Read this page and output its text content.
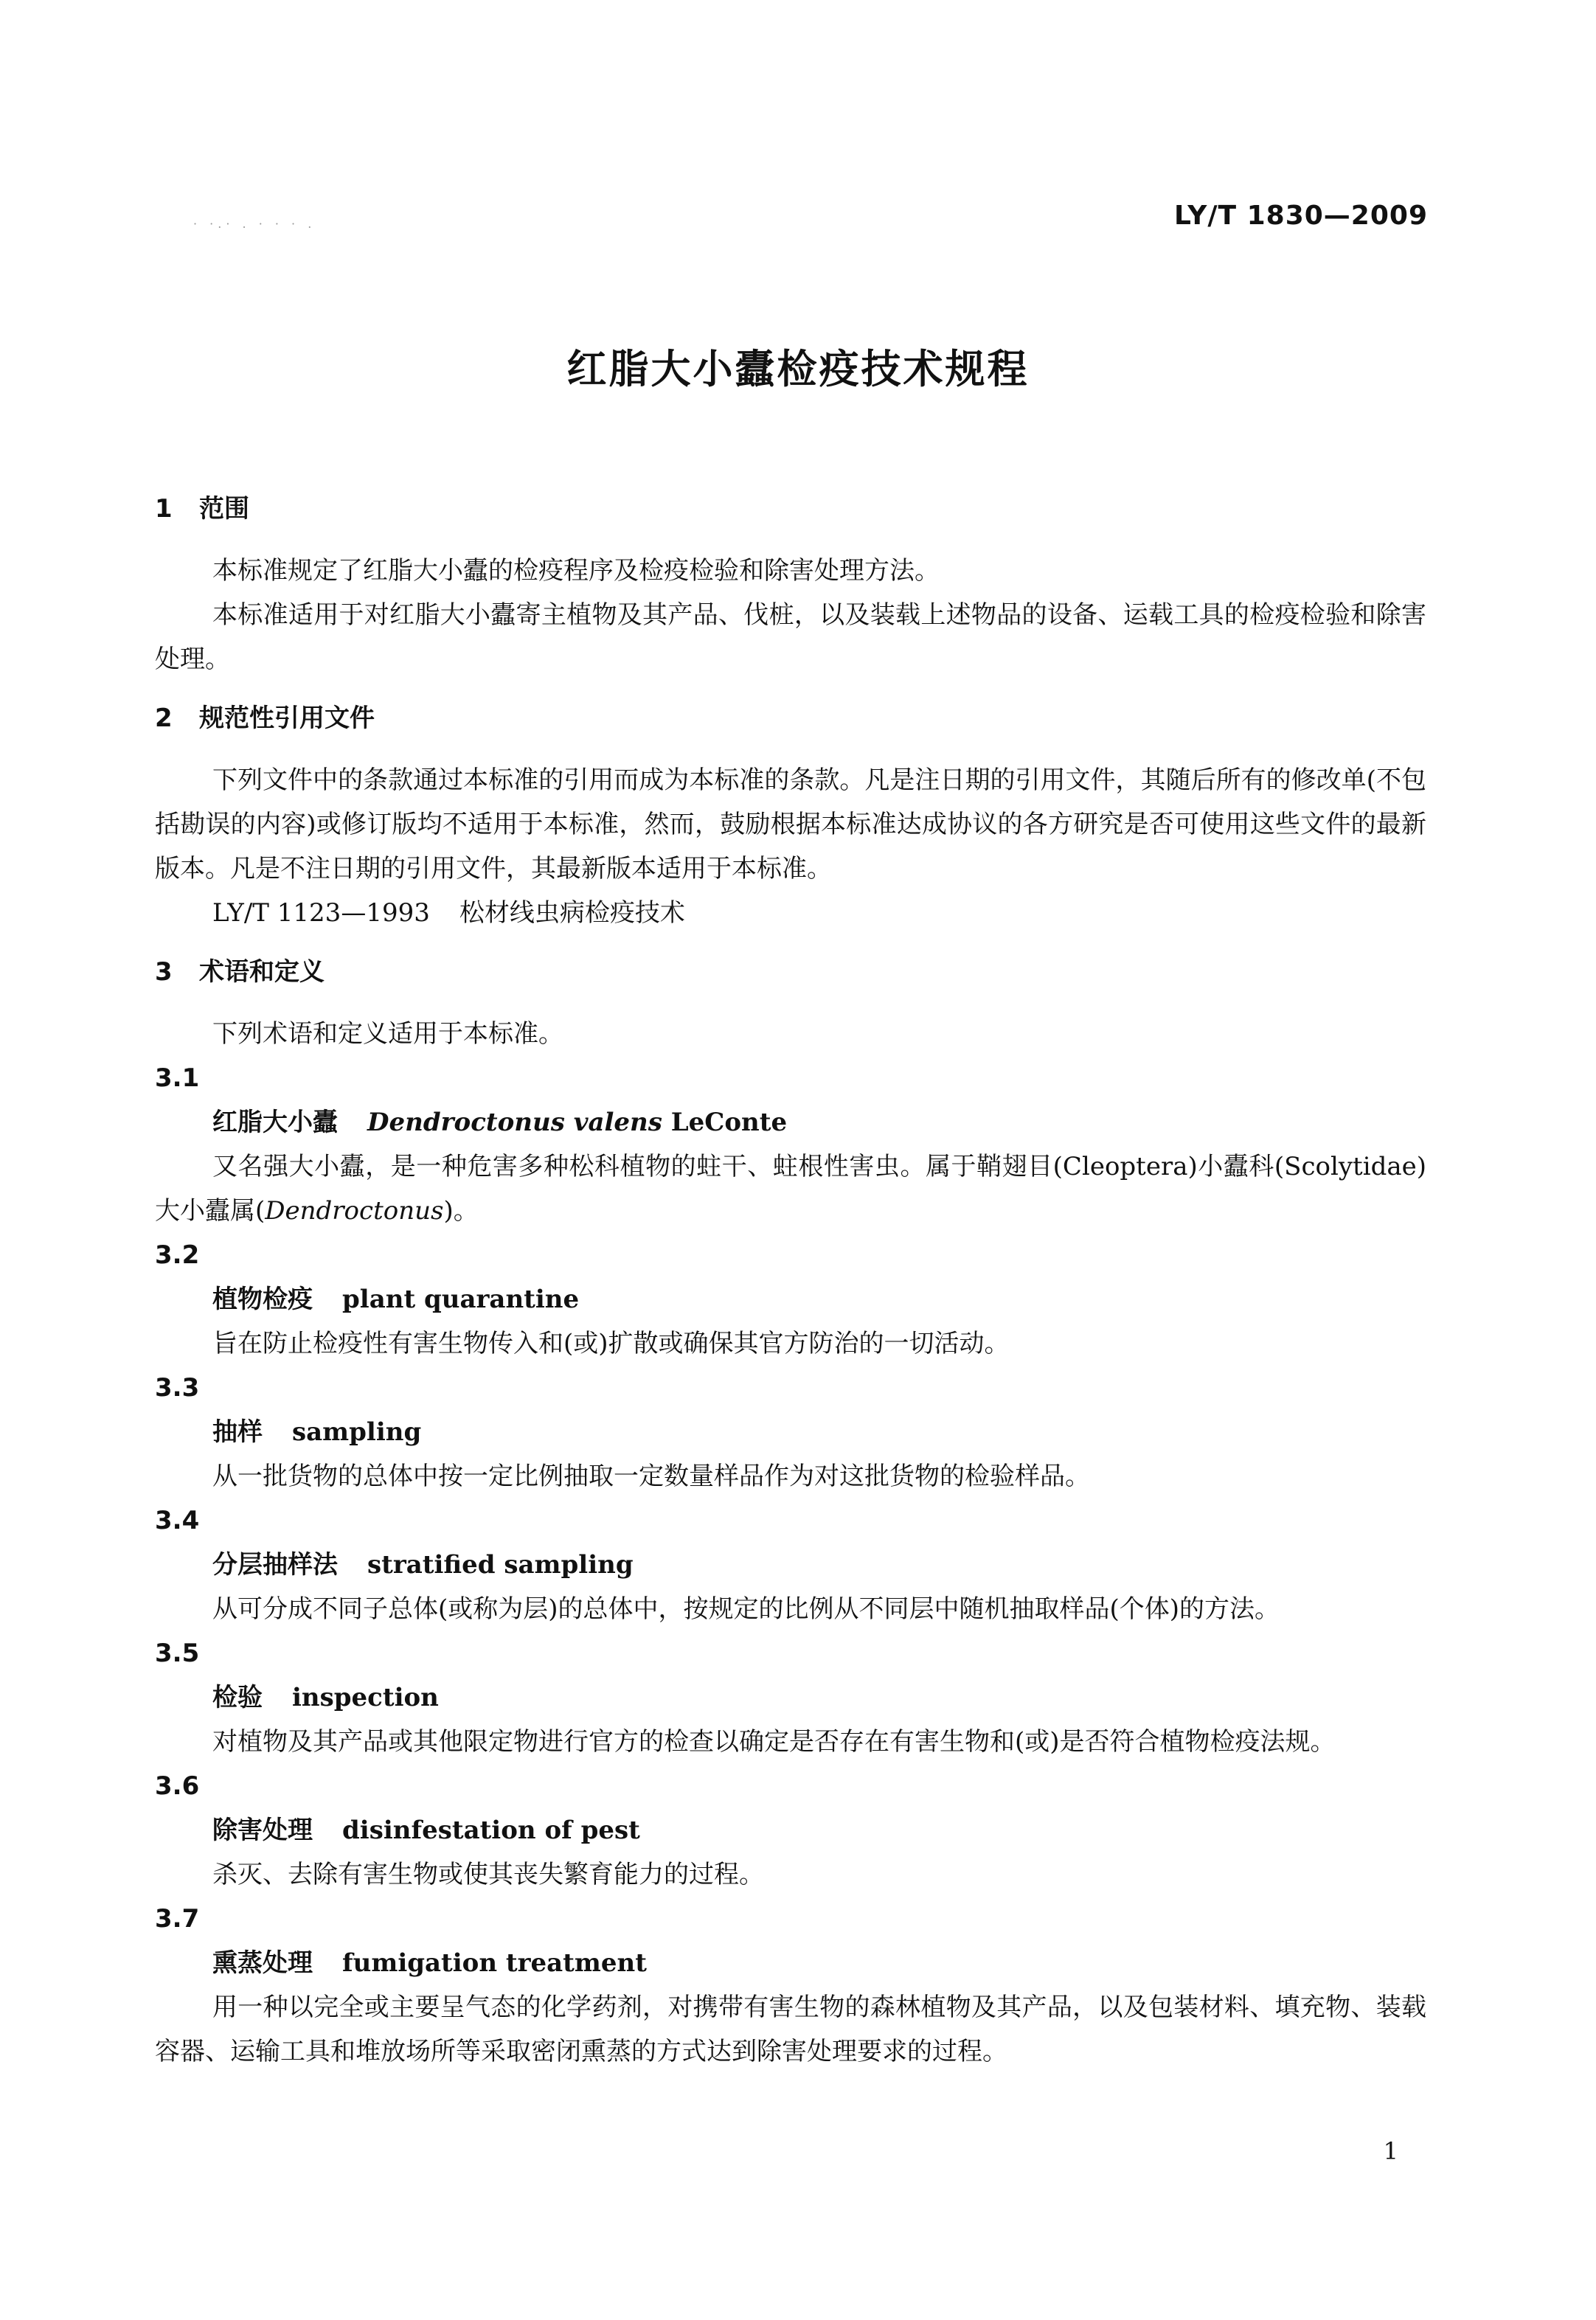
· ·.· . · · · .	LY/T 1830—2009
红脂大小蠹检疫技术规程
1 范围

本标准规定了红脂大小蠹的检疫程序及检疫检验和除害处理方法。

本标准适用于对红脂大小蠹寄主植物及其产品、伐桩，以及装载上述物品的设备、运载工具的检疫检验和除害处理。

2 规范性引用文件

下列文件中的条款通过本标准的引用而成为本标准的条款。凡是注日期的引用文件，其随后所有的修改单(不包括勘误的内容)或修订版均不适用于本标准，然而，鼓励根据本标准达成协议的各方研究是否可使用这些文件的最新版本。凡是不注日期的引用文件，其最新版本适用于本标准。

LY/T 1123—1993 松材线虫病检疫技术

3 术语和定义

下列术语和定义适用于本标准。

3.1

红脂大小蠹 Dendroctonus valens LeConte

又名强大小蠹，是一种危害多种松科植物的蛀干、蛀根性害虫。属于鞘翅目(Cleoptera)小蠹科(Scolytidae)大小蠹属(Dendroctonus)。

3.2

植物检疫 plant quarantine

旨在防止检疫性有害生物传入和(或)扩散或确保其官方防治的一切活动。

3.3

抽样 sampling

从一批货物的总体中按一定比例抽取一定数量样品作为对这批货物的检验样品。

3.4

分层抽样法 stratified sampling

从可分成不同子总体(或称为层)的总体中，按规定的比例从不同层中随机抽取样品(个体)的方法。

3.5

检验 inspection

对植物及其产品或其他限定物进行官方的检查以确定是否存在有害生物和(或)是否符合植物检疫法规。

3.6

除害处理 disinfestation of pest

杀灭、去除有害生物或使其丧失繁育能力的过程。

3.7

熏蒸处理 fumigation treatment

用一种以完全或主要呈气态的化学药剂，对携带有害生物的森林植物及其产品，以及包装材料、填充物、装载容器、运输工具和堆放场所等采取密闭熏蒸的方式达到除害处理要求的过程。

1
